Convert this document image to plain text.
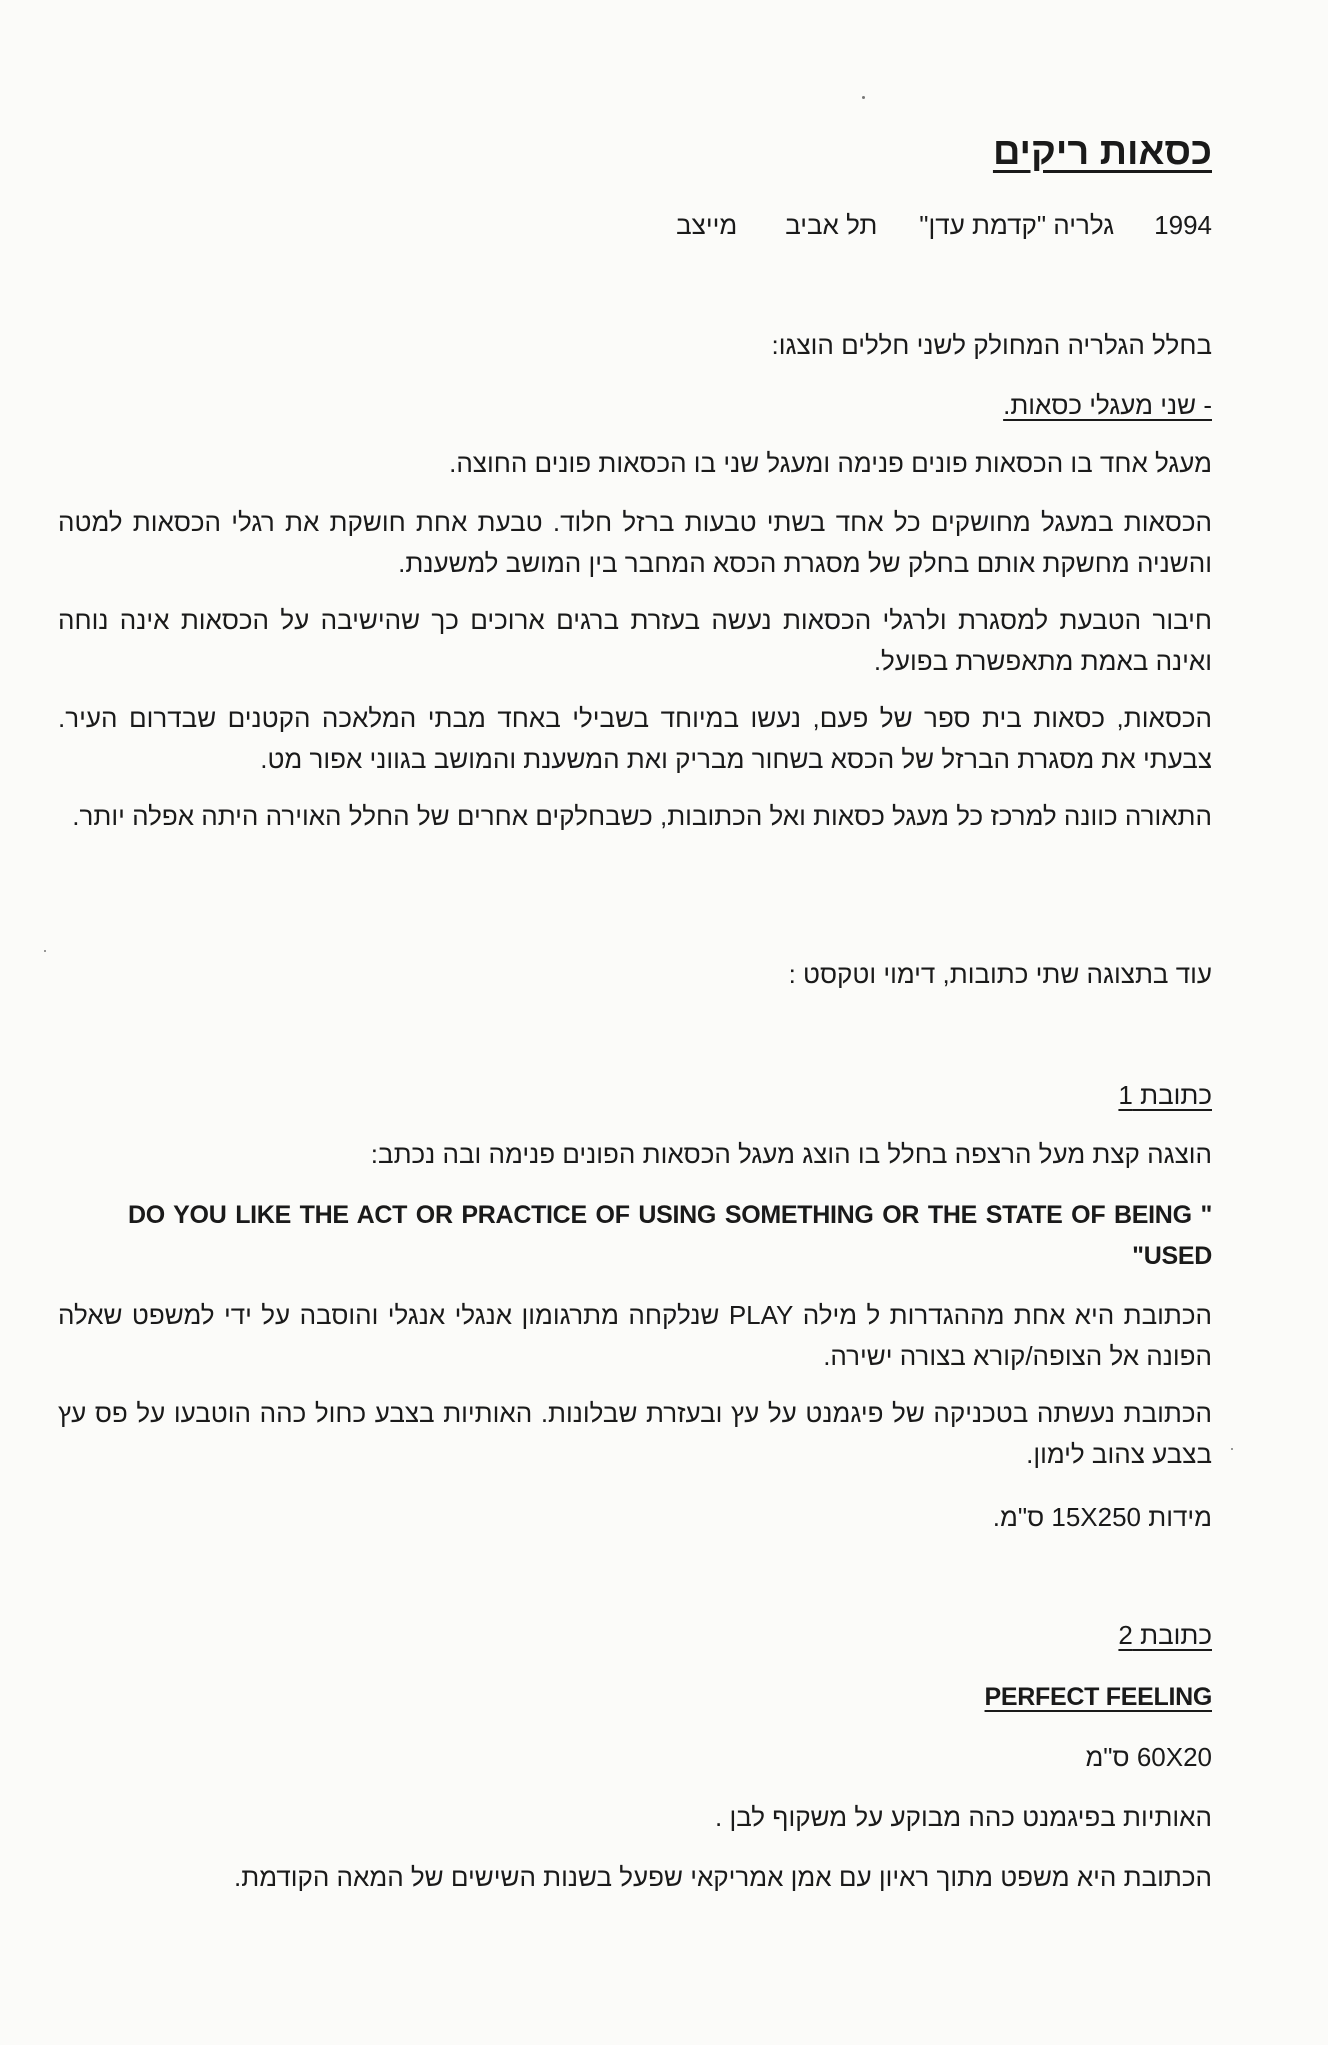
כסאות ריקים
1994גלריה "קדמת עדן"תל אביבמייצב
בחלל הגלריה המחולק לשני חללים הוצגו:
- שני מעגלי כסאות.
מעגל אחד בו הכסאות פונים פנימה ומעגל שני בו הכסאות פונים החוצה.
הכסאות במעגל מחושקים כל אחד בשתי טבעות ברזל חלוד. טבעת אחת חושקת את רגלי הכסאות למטה והשניה מחשקת אותם בחלק של מסגרת הכסא המחבר בין המושב למשענת.
חיבור הטבעת למסגרת ולרגלי הכסאות נעשה בעזרת ברגים ארוכים כך שהישיבה על הכסאות אינה נוחה ואינה באמת מתאפשרת בפועל.
הכסאות, כסאות בית ספר של פעם, נעשו במיוחד בשבילי באחד מבתי המלאכה הקטנים שבדרום העיר. צבעתי את מסגרת הברזל של הכסא בשחור מבריק ואת המשענת והמושב בגווני אפור מט.
התאורה כוונה למרכז כל מעגל כסאות ואל הכתובות, כשבחלקים אחרים של החלל האוירה היתה אפלה יותר.
עוד בתצוגה שתי כתובות, דימוי וטקסט :
כתובת 1
הוצגה קצת מעל הרצפה בחלל בו הוצג מעגל הכסאות הפונים פנימה ובה נכתב:
DO YOU LIKE THE ACT OR PRACTICE OF USING SOMETHING OR THE STATE OF BEING " USED"
הכתובת היא אחת מההגדרות ל מילה PLAY שנלקחה מתרגומון אנגלי אנגלי והוסבה על ידי למשפט שאלה הפונה אל הצופה/קורא בצורה ישירה.
הכתובת נעשתה בטכניקה של פיגמנט על עץ ובעזרת שבלונות. האותיות בצבע כחול כהה הוטבעו על פס עץ בצבע צהוב לימון.
מידות 15X250 ס"מ.
כתובת 2
PERFECT FEELING
60X20 ס"מ
האותיות בפיגמנט כהה מבוקע על משקוף לבן .
הכתובת היא משפט מתוך ראיון עם אמן אמריקאי שפעל בשנות השישים של המאה הקודמת.
